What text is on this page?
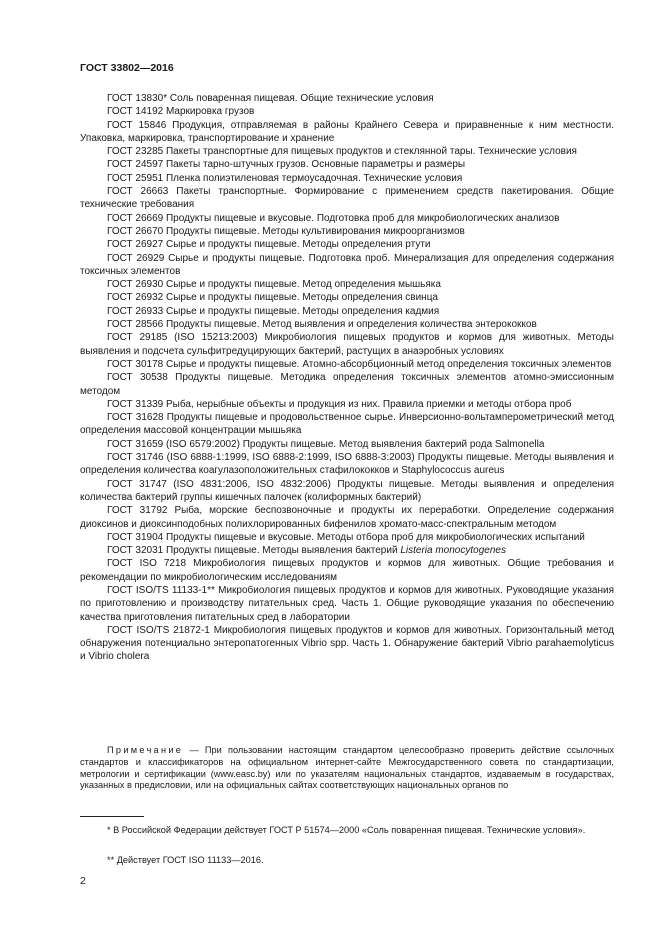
ГОСТ 33802—2016

ГОСТ 13830* Соль поваренная пищевая. Общие технические условия

ГОСТ 14192 Маркировка грузов

ГОСТ 15846 Продукция, отправляемая в районы Крайнего Севера и приравненные к ним местности. Упаковка, маркировка, транспортирование и хранение

ГОСТ 23285 Пакеты транспортные для пищевых продуктов и стеклянной тары. Технические условия

ГОСТ 24597 Пакеты тарно-штучных грузов. Основные параметры и размеры

ГОСТ 25951 Пленка полиэтиленовая термоусадочная. Технические условия

ГОСТ 26663 Пакеты транспортные. Формирование с применением средств пакетирования. Общие технические требования

ГОСТ 26669 Продукты пищевые и вкусовые. Подготовка проб для микробиологических анализов

ГОСТ 26670 Продукты пищевые. Методы культивирования микроорганизмов

ГОСТ 26927 Сырье и продукты пищевые. Методы определения ртути

ГОСТ 26929 Сырье и продукты пищевые. Подготовка проб. Минерализация для определения содержания токсичных элементов

ГОСТ 26930 Сырье и продукты пищевые. Метод определения мышьяка

ГОСТ 26932 Сырье и продукты пищевые. Методы определения свинца

ГОСТ 26933 Сырье и продукты пищевые. Методы определения кадмия

ГОСТ 28566 Продукты пищевые. Метод выявления и определения количества энтерококков

ГОСТ 29185 (ISO 15213:2003) Микробиология пищевых продуктов и кормов для животных. Методы выявления и подсчета сульфитредуцирующих бактерий, растущих в анаэробных условиях

ГОСТ 30178 Сырье и продукты пищевые. Атомно-абсорбционный метод определения токсичных элементов

ГОСТ 30538 Продукты пищевые. Методика определения токсичных элементов атомно-эмиссионным методом

ГОСТ 31339 Рыба, нерыбные объекты и продукция из них. Правила приемки и методы отбора проб

ГОСТ 31628 Продукты пищевые и продовольственное сырье. Инверсионно-вольтамперометрический метод определения массовой концентрации мышьяка

ГОСТ 31659 (ISO 6579:2002) Продукты пищевые. Метод выявления бактерий рода Salmonella

ГОСТ 31746 (ISO 6888-1:1999, ISO 6888-2:1999, ISO 6888-3:2003) Продукты пищевые. Методы выявления и определения количества коагулазоположительных стафилококков и Staphylococcus aureus

ГОСТ 31747 (ISO 4831:2006, ISO 4832:2006) Продукты пищевые. Методы выявления и определения количества бактерий группы кишечных палочек (колиформных бактерий)

ГОСТ 31792 Рыба, морские беспозвоночные и продукты их переработки. Определение содержания диоксинов и диоксинподобных полихлорированных бифенилов хромато-масс-спектральным методом

ГОСТ 31904 Продукты пищевые и вкусовые. Методы отбора проб для микробиологических испытаний

ГОСТ 32031 Продукты пищевые. Методы выявления бактерий Listeria monocytogenes

ГОСТ ISO 7218 Микробиология пищевых продуктов и кормов для животных. Общие требования и рекомендации по микробиологическим исследованиям

ГОСТ ISO/TS 11133-1** Микробиология пищевых продуктов и кормов для животных. Руководящие указания по приготовлению и производству питательных сред. Часть 1. Общие руководящие указания по обеспечению качества приготовления питательных сред в лаборатории

ГОСТ ISO/TS 21872-1 Микробиология пищевых продуктов и кормов для животных. Горизонтальный метод обнаружения потенциально энтеропатогенных Vibrio spp. Часть 1. Обнаружение бактерий Vibrio parahaemolyticus и Vibrio cholera

Примечание — При пользовании настоящим стандартом целесообразно проверить действие ссылочных стандартов и классификаторов на официальном интернет-сайте Межгосударственного совета по стандартизации, метрологии и сертификации (www.easc.by) или по указателям национальных стандартов, издаваемым в государствах, указанных в предисловии, или на официальных сайтах соответствующих национальных органов по
* В Российской Федерации действует ГОСТ Р 51574—2000 «Соль поваренная пищевая. Технические условия».
** Действует ГОСТ ISO 11133—2016.
2
